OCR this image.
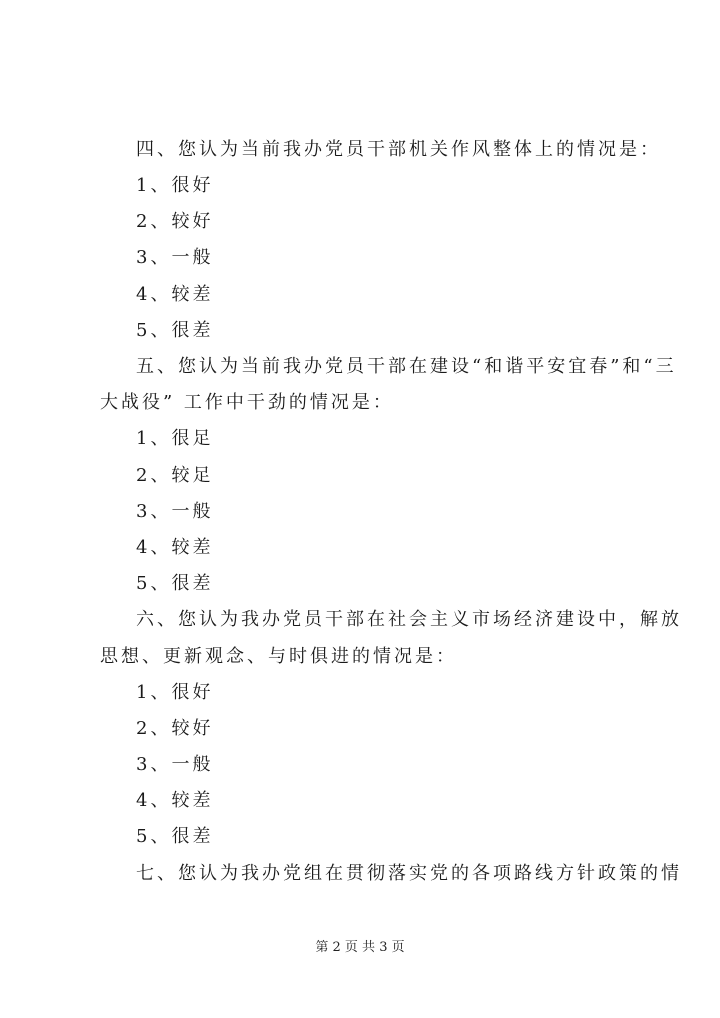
四、您认为当前我办党员干部机关作风整体上的情况是：
1、很好
2、较好
3、一般
4、较差
5、很差
五、您认为当前我办党员干部在建设“和谐平安宜春”和“三
大战役” 工作中干劲的情况是：
1、很足
2、较足
3、一般
4、较差
5、很差
六、您认为我办党员干部在社会主义市场经济建设中，解放
思想、更新观念、与时俱进的情况是：
1、很好
2、较好
3、一般
4、较差
5、很差
七、您认为我办党组在贯彻落实党的各项路线方针政策的情
第 2 页 共 3 页
